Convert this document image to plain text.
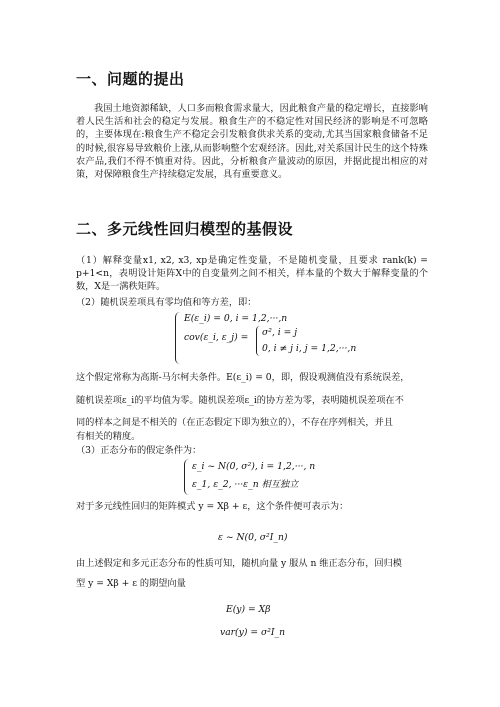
一、问题的提出

我国土地资源稀缺，人口多而粮食需求量大，因此粮食产量的稳定增长，直接影响着人民生活和社会的稳定与发展。粮食生产的不稳定性对国民经济的影响是不可忽略的，主要体现在:粮食生产不稳定会引发粮食供求关系的变动,尤其当国家粮食储备不足的时候,很容易导致粮价上涨,从而影响整个宏观经济。因此,对关系国计民生的这个特殊农产品,我们不得不慎重对待。因此，分析粮食产量波动的原因，并据此提出相应的对策，对保障粮食生产持续稳定发展，具有重要意义。

二、多元线性回归模型的基假设

（1）解释变量x1, x2, x3, xp是确定性变量，不是随机变量，且要求 rank(k) = p+1<n，表明设计矩阵X中的自变量列之间不相关，样本量的个数大于解释变量的个数，X是一满秩矩阵。

（2）随机误差项具有零均值和等方差，即：
E(ε_i) = 0, i = 1,2,···,n
cov(ε_i, ε_j) = σ², i = j
0, i ≠ j i, j = 1,2,···,n
这个假定常称为高斯-马尔柯夫条件。E(ε_i) = 0，即，假设观测值没有系统误差，
随机误差项ε_i的平均值为零。随机误差项ε_i的协方差为零，表明随机误差项在不
同的样本之间是不相关的（在正态假定下即为独立的），不存在序列相关，并且
有相关的精度。
（3）正态分布的假定条件为：
ε_i ~ N(0, σ²), i = 1,2,···, n
ε_1, ε_2, ···ε_n 相互独立
对于多元线性回归的矩阵模式 y = Xβ + ε，这个条件便可表示为：
ε ~ N(0, σ²I_n)
由上述假定和多元正态分布的性质可知，随机向量 y 服从 n 维正态分布，回归模
型 y = Xβ + ε 的期望向量
E(y) = Xβ
var(y) = σ²I_n
